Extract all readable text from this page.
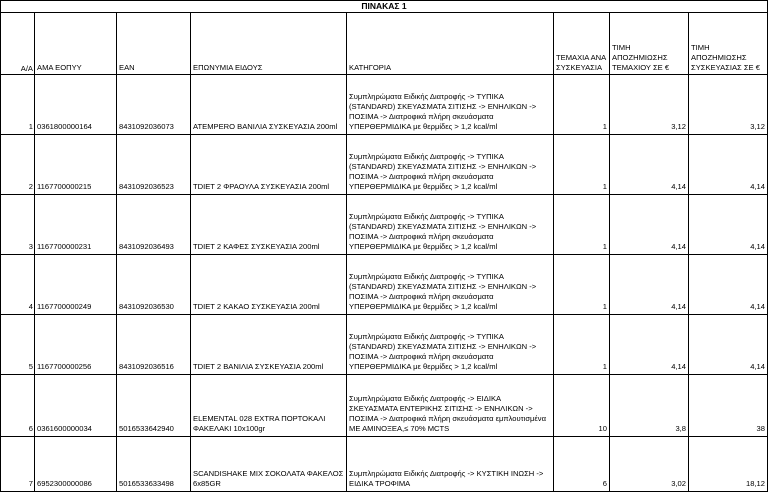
ΠΙΝΑΚΑΣ 1							
Α/Α	ΑΜΑ ΕΟΠΥΥ	ΕΑΝ	ΕΠΩΝΥΜΙΑ ΕΙΔΟΥΣ	ΚΑΤΗΓΟΡΙΑ	ΤΕΜΑΧΙΑ ΑΝΑ ΣΥΣΚΕΥΑΣΙΑ	ΤΙΜΗ ΑΠΟΖΗΜΙΩΣΗΣ ΤΕΜΑΧΙΟΥ ΣΕ €	ΤΙΜΗ ΑΠΟΖΗΜΙΩΣΗΣ ΣΥΣΚΕΥΑΣΙΑΣ ΣΕ €
1	0361800000164	8431092036073	ATEMPERO ΒΑΝΙΛΙΑ ΣΥΣΚΕΥΑΣΙΑ 200ml	Συμπληρώματα Ειδικής Διατροφής -> ΤΥΠΙΚΑ (STANDARD) ΣΚΕΥΑΣΜΑΤΑ ΣΙΤΙΣΗΣ -> ΕΝΗΛΙΚΩΝ -> ΠΟΣΙΜΑ -> Διατροφικά πλήρη σκευάσματα ΥΠΕΡΘΕΡΜΙΔΙΚΑ με θερμίδες > 1,2 kcal/ml	1	3,12	3,12
2	1167700000215	8431092036523	TDIET 2 ΦΡΑΟΥΛΑ ΣΥΣΚΕΥΑΣΙΑ 200ml	Συμπληρώματα Ειδικής Διατροφής -> ΤΥΠΙΚΑ (STANDARD) ΣΚΕΥΑΣΜΑΤΑ ΣΙΤΙΣΗΣ -> ΕΝΗΛΙΚΩΝ -> ΠΟΣΙΜΑ -> Διατροφικά πλήρη σκευάσματα ΥΠΕΡΘΕΡΜΙΔΙΚΑ με θερμίδες > 1,2 kcal/ml	1	4,14	4,14
3	1167700000231	8431092036493	TDIET 2 ΚΑΦΕΣ ΣΥΣΚΕΥΑΣΙΑ 200ml	Συμπληρώματα Ειδικής Διατροφής -> ΤΥΠΙΚΑ (STANDARD) ΣΚΕΥΑΣΜΑΤΑ ΣΙΤΙΣΗΣ -> ΕΝΗΛΙΚΩΝ -> ΠΟΣΙΜΑ -> Διατροφικά πλήρη σκευάσματα ΥΠΕΡΘΕΡΜΙΔΙΚΑ με θερμίδες > 1,2 kcal/ml	1	4,14	4,14
4	1167700000249	8431092036530	TDIET 2 ΚΑΚΑΟ ΣΥΣΚΕΥΑΣΙΑ 200ml	Συμπληρώματα Ειδικής Διατροφής -> ΤΥΠΙΚΑ (STANDARD) ΣΚΕΥΑΣΜΑΤΑ ΣΙΤΙΣΗΣ -> ΕΝΗΛΙΚΩΝ -> ΠΟΣΙΜΑ -> Διατροφικά πλήρη σκευάσματα ΥΠΕΡΘΕΡΜΙΔΙΚΑ με θερμίδες > 1,2 kcal/ml	1	4,14	4,14
5	1167700000256	8431092036516	TDIET 2 ΒΑΝΙΛΙΑ ΣΥΣΚΕΥΑΣΙΑ 200ml	Συμπληρώματα Ειδικής Διατροφής -> ΤΥΠΙΚΑ (STANDARD) ΣΚΕΥΑΣΜΑΤΑ ΣΙΤΙΣΗΣ -> ΕΝΗΛΙΚΩΝ -> ΠΟΣΙΜΑ -> Διατροφικά πλήρη σκευάσματα ΥΠΕΡΘΕΡΜΙΔΙΚΑ με θερμίδες > 1,2 kcal/ml	1	4,14	4,14
6	0361600000034	5016533642940	ELEMENTAL 028 EXTRA ΠΟΡΤΟΚΑΛΙ ΦΑΚΕΛΑΚΙ 10x100gr	Συμπληρώματα Ειδικής Διατροφής -> ΕΙΔΙΚΑ ΣΚΕΥΑΣΜΑΤΑ ΕΝΤΕΡΙΚΗΣ ΣΙΤΙΣΗΣ -> ΕΝΗΛΙΚΩΝ -> ΠΟΣΙΜΑ -> Διατροφικά πλήρη σκευάσματα εμπλουτισμένα ΜΕ ΑΜΙΝΟΞΕΑ,≤ 70% MCTS	10	3,8	38
7	6952300000086	5016533633498	SCANDISHAKE MIX ΣΟΚΟΛΑΤΑ ΦΑΚΕΛΟΣ 6x85GR	Συμπληρώματα Ειδικής Διατροφής -> ΚΥΣΤΙΚΗ ΙΝΩΣΗ -> ΕΙΔΙΚΑ ΤΡΟΦΙΜΑ	6	3,02	18,12
